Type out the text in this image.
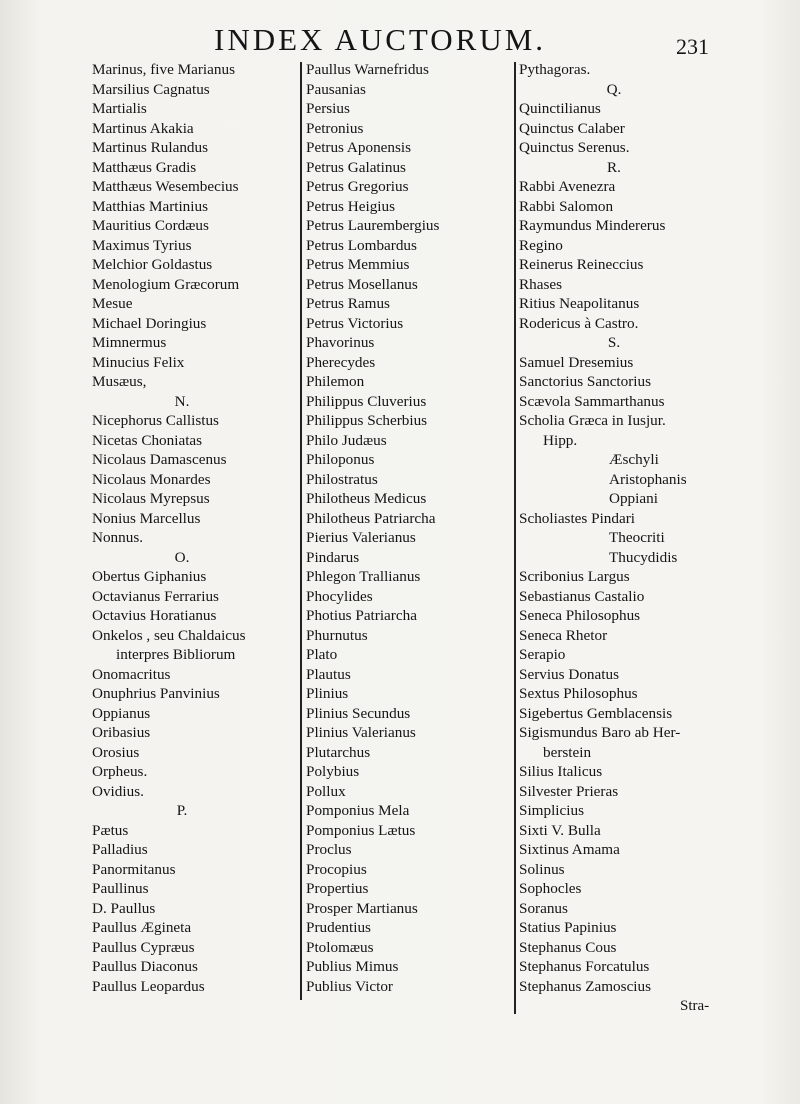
INDEX AUCTORUM.	231
Marinus, five Marianus
Marsilius Cagnatus
Martialis
Martinus Akakia
Martinus Rulandus
Matthæus Gradis
Matthæus Wesembecius
Matthias Martinius
Mauritius Cordæus
Maximus Tyrius
Melchior Goldastus
Menologium Græcorum
Mesue
Michael Doringius
Mimnermus
Minucius Felix
Musæus,
N.
Nicephorus Callistus
Nicetas Choniatas
Nicolaus Damascenus
Nicolaus Monardes
Nicolaus Myrepsus
Nonius Marcellus
Nonnus.
O.
Obertus Giphanius
Octavianus Ferrarius
Octavius Horatianus
Onkelos , seu Chaldaicus
interpres Bibliorum
Onomacritus
Onuphrius Panvinius
Oppianus
Oribasius
Orosius
Orpheus.
Ovidius.
P.
Pætus
Palladius
Panormitanus
Paullinus
D. Paullus
Paullus Æginetа
Paullus Cypræus
Paullus Diaconus
Paullus Leopardus
Paullus Warnefridus
Pausanias
Persius
Petronius
Petrus Aponensis
Petrus Galatinus
Petrus Gregorius
Petrus Heigius
Petrus Laurembergius
Petrus Lombardus
Petrus Memmius
Petrus Mosellanus
Petrus Ramus
Petrus Victorius
Phavorinus
Pherecydes
Philemon
Philippus Cluverius
Philippus Scherbius
Philo Judæus
Philoponus
Philostratus
Philotheus Medicus
Philotheus Patriarcha
Pierius Valerianus
Pindarus
Phlegon Trallianus
Phocylides
Photius Patriarcha
Phurnutus
Plato
Plautus
Plinius
Plinius Secundus
Plinius Valerianus
Plutarchus
Polybius
Pollux
Pomponius Mela
Pomponius Lætus
Proclus
Procopius
Propertius
Prosper Martianus
Prudentius
Ptolomæus
Publius Mimus
Publius Victor
Pythagoras.
Q.
Quinctilianus
Quinctus Calaber
Quinctus Serenus.
R.
Rabbi Avenezra
Rabbi Salomon
Raymundus Mindererus
Regino
Reinerus Reineccius
Rhases
Ritius Neapolitanus
Rodericus à Castro.
S.
Samuel Dresemius
Sanctorius Sanctorius
Scævola Sammarthanus
Scholia Græca in Iusjur.
Hipp.
Æschyli
Aristophanis
Oppiani
Scholiastes Pindari
Theocriti
Thucydidis
Scribonius Largus
Sebastianus Castalio
Seneca Philosophus
Seneca Rhetor
Serapio
Servius Donatus
Sextus Philosophus
Sigebertus Gemblacensis
Sigismundus Baro ab Her-
berstein
Silius Italicus
Silvester Prieras
Simplicius
Sixti V. Bulla
Sixtinus Amama
Solinus
Sophocles
Soranus
Statius Papinius
Stephanus Cous
Stephanus Forcatulus
Stephanus Zamoscius
Stra-
